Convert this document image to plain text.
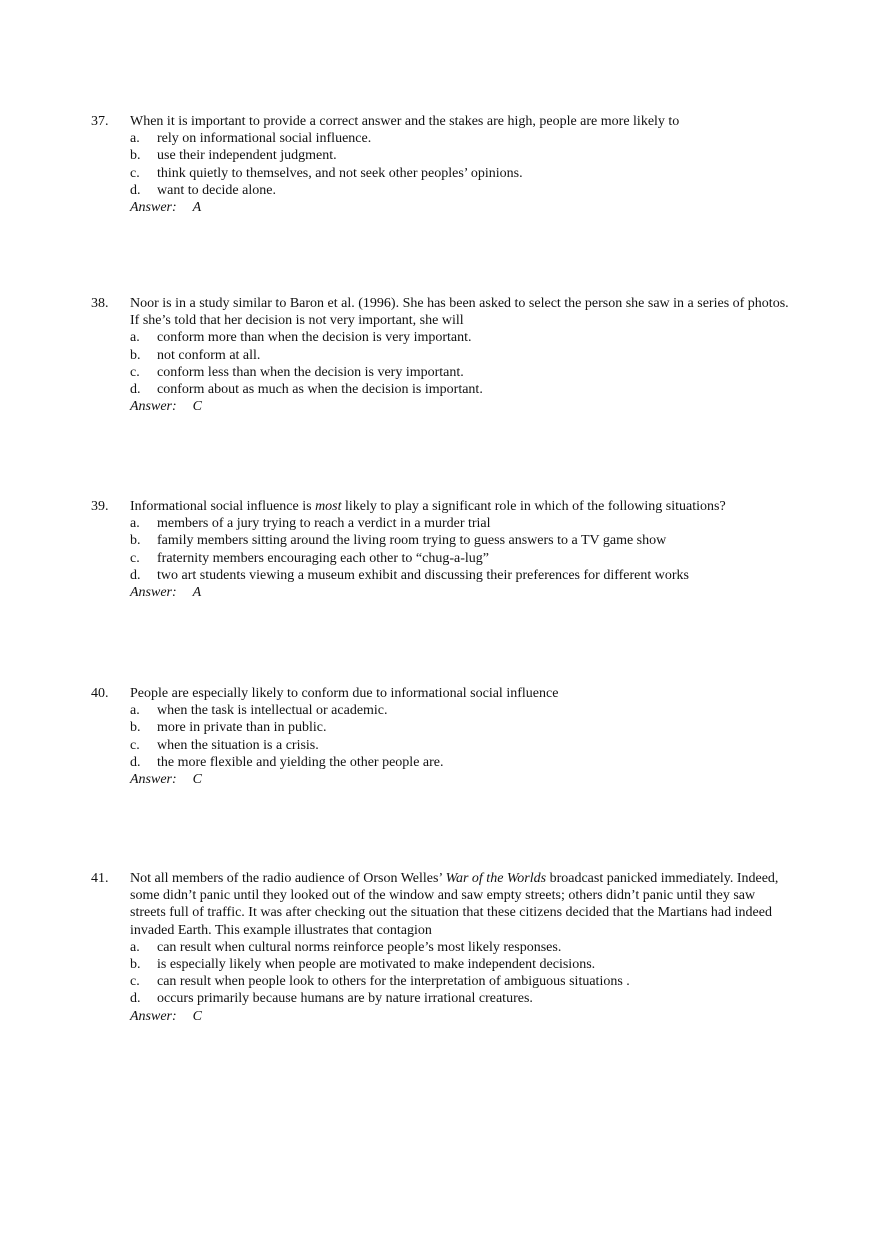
37. When it is important to provide a correct answer and the stakes are high, people are more likely to

a. rely on informational social influence.
b. use their independent judgment.
c. think quietly to themselves, and not seek other peoples’ opinions.
d. want to decide alone.
Answer: A

38. Noor is in a study similar to Baron et al. (1996). She has been asked to select the person she saw in a series of photos. If she’s told that her decision is not very important, she will

a. conform more than when the decision is very important.
b. not conform at all.
c. conform less than when the decision is very important.
d. conform about as much as when the decision is important.
Answer: C

39. Informational social influence is most likely to play a significant role in which of the following situations?

a. members of a jury trying to reach a verdict in a murder trial
b. family members sitting around the living room trying to guess answers to a TV game show
c. fraternity members encouraging each other to “chug-a-lug”
d. two art students viewing a museum exhibit and discussing their preferences for different works
Answer: A

40. People are especially likely to conform due to informational social influence

a. when the task is intellectual or academic.
b. more in private than in public.
c. when the situation is a crisis.
d. the more flexible and yielding the other people are.
Answer: C

41. Not all members of the radio audience of Orson Welles’ War of the Worlds broadcast panicked immediately. Indeed, some didn’t panic until they looked out of the window and saw empty streets; others didn’t panic until they saw streets full of traffic. It was after checking out the situation that these citizens decided that the Martians had indeed invaded Earth. This example illustrates that contagion

a. can result when cultural norms reinforce people’s most likely responses.
b. is especially likely when people are motivated to make independent decisions.
c. can result when people look to others for the interpretation of ambiguous situations .
d. occurs primarily because humans are by nature irrational creatures.
Answer: C
